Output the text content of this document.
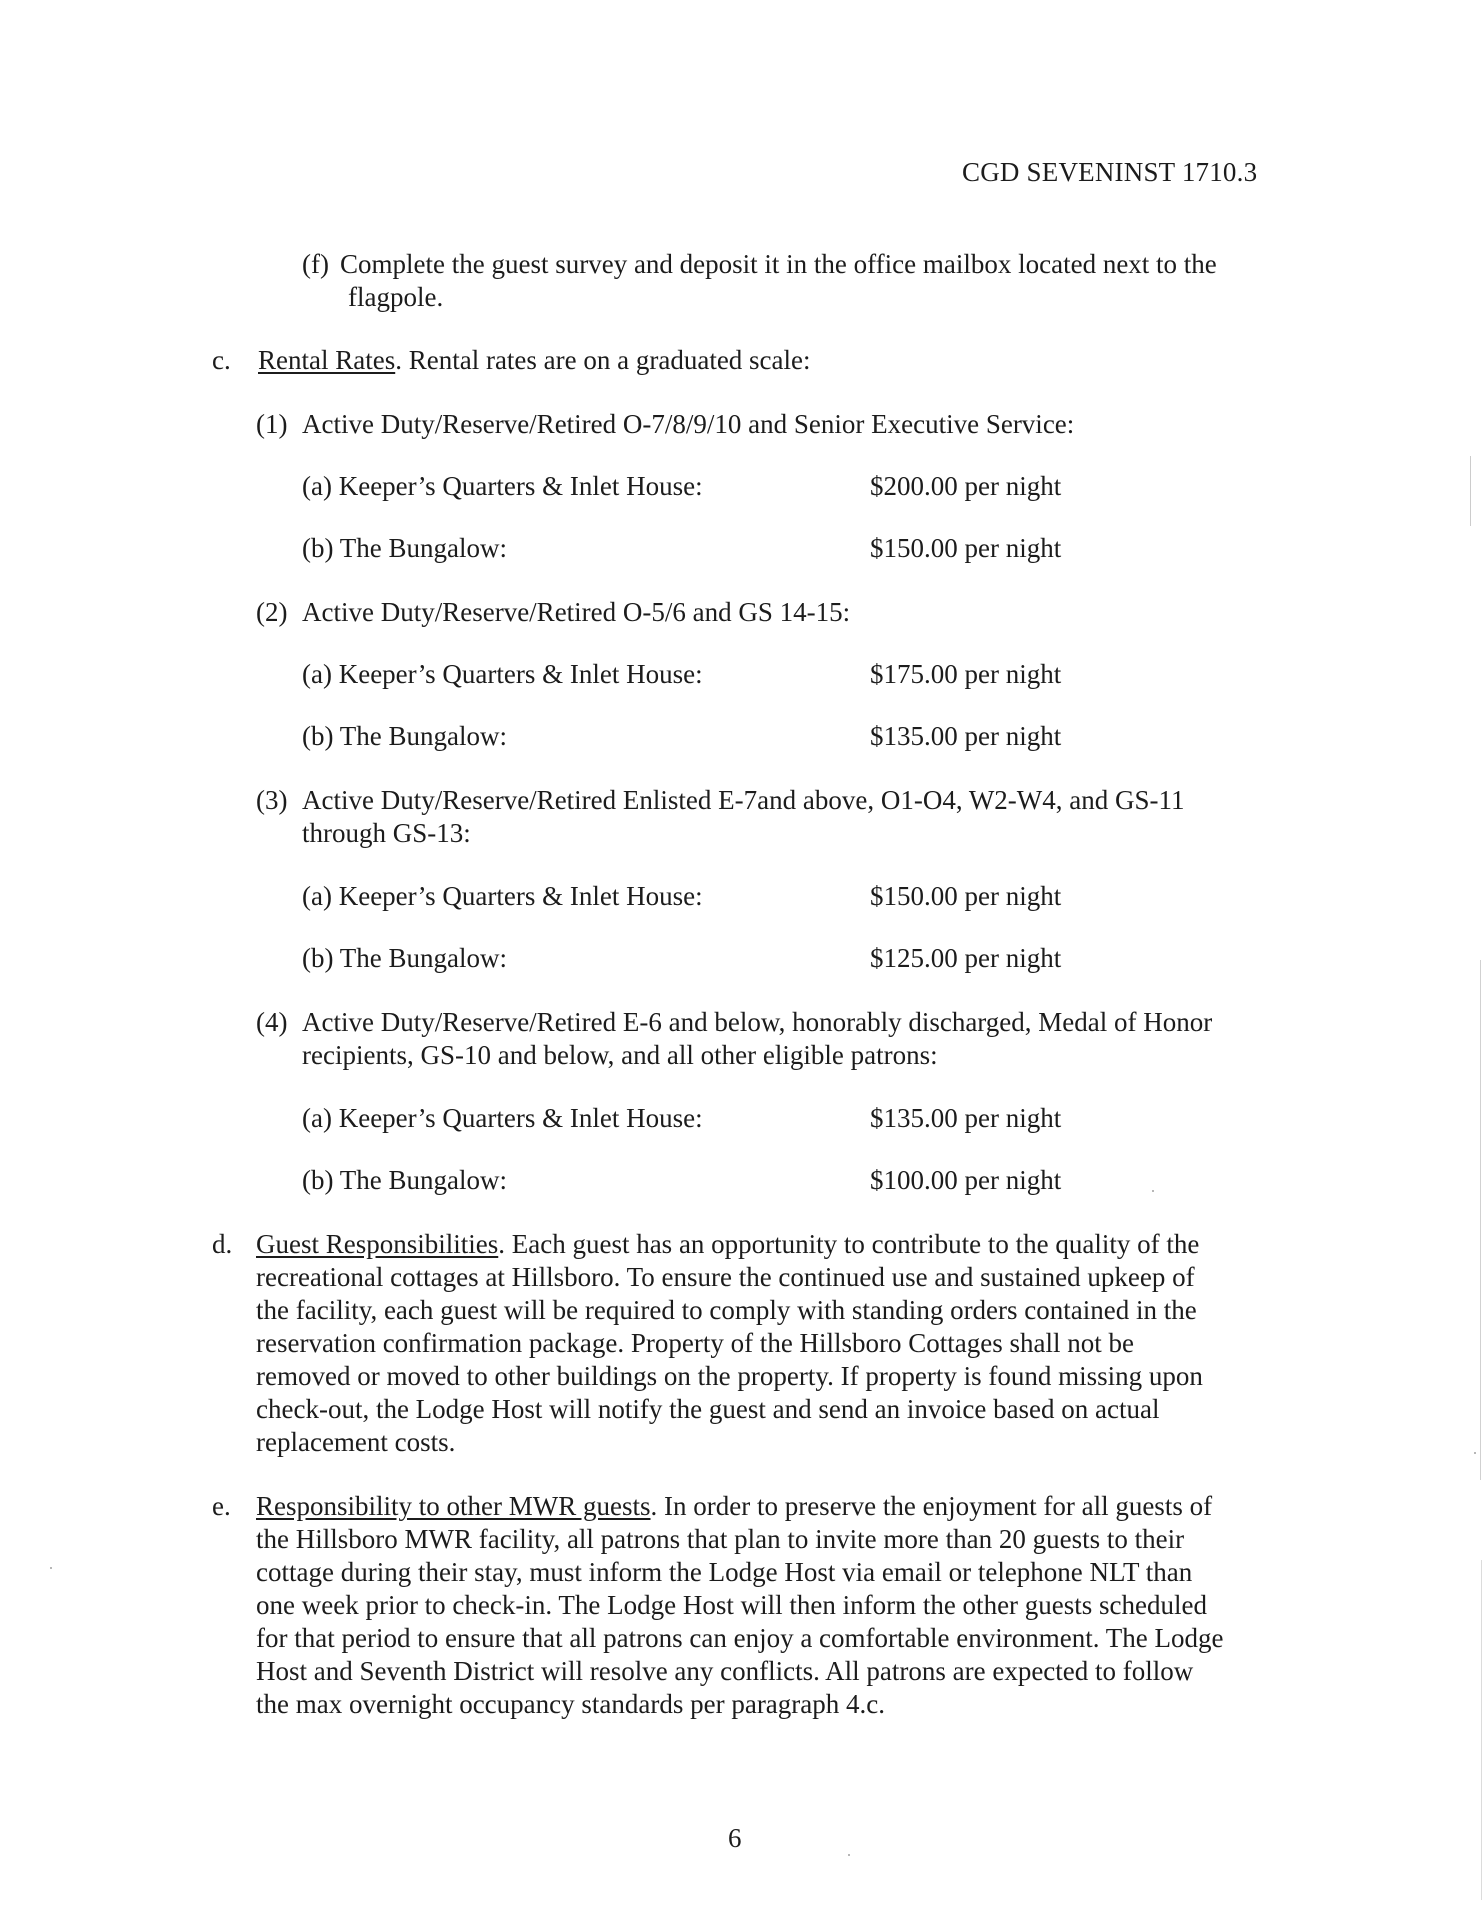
CGD SEVENINST 1710.3
(f) Complete the guest survey and deposit it in the office mailbox located next to the
flagpole.
c. Rental Rates. Rental rates are on a graduated scale:
(1) Active Duty/Reserve/Retired O-7/8/9/10 and Senior Executive Service:
(a) Keeper’s Quarters & Inlet House:	$200.00 per night
(b) The Bungalow:	$150.00 per night
(2) Active Duty/Reserve/Retired O-5/6 and GS 14-15:
(a) Keeper’s Quarters & Inlet House:	$175.00 per night
(b) The Bungalow:	$135.00 per night
(3) Active Duty/Reserve/Retired Enlisted E-7and above, O1-O4, W2-W4, and GS-11
through GS-13:
(a) Keeper’s Quarters & Inlet House:	$150.00 per night
(b) The Bungalow:	$125.00 per night
(4) Active Duty/Reserve/Retired E-6 and below, honorably discharged, Medal of Honor
recipients, GS-10 and below, and all other eligible patrons:
(a) Keeper’s Quarters & Inlet House:	$135.00 per night
(b) The Bungalow:	$100.00 per night
d. Guest Responsibilities. Each guest has an opportunity to contribute to the quality of the
recreational cottages at Hillsboro. To ensure the continued use and sustained upkeep of
the facility, each guest will be required to comply with standing orders contained in the
reservation confirmation package. Property of the Hillsboro Cottages shall not be
removed or moved to other buildings on the property. If property is found missing upon
check-out, the Lodge Host will notify the guest and send an invoice based on actual
replacement costs.
e. Responsibility to other MWR guests. In order to preserve the enjoyment for all guests of
the Hillsboro MWR facility, all patrons that plan to invite more than 20 guests to their
cottage during their stay, must inform the Lodge Host via email or telephone NLT than
one week prior to check-in. The Lodge Host will then inform the other guests scheduled
for that period to ensure that all patrons can enjoy a comfortable environment. The Lodge
Host and Seventh District will resolve any conflicts. All patrons are expected to follow
the max overnight occupancy standards per paragraph 4.c.
6
